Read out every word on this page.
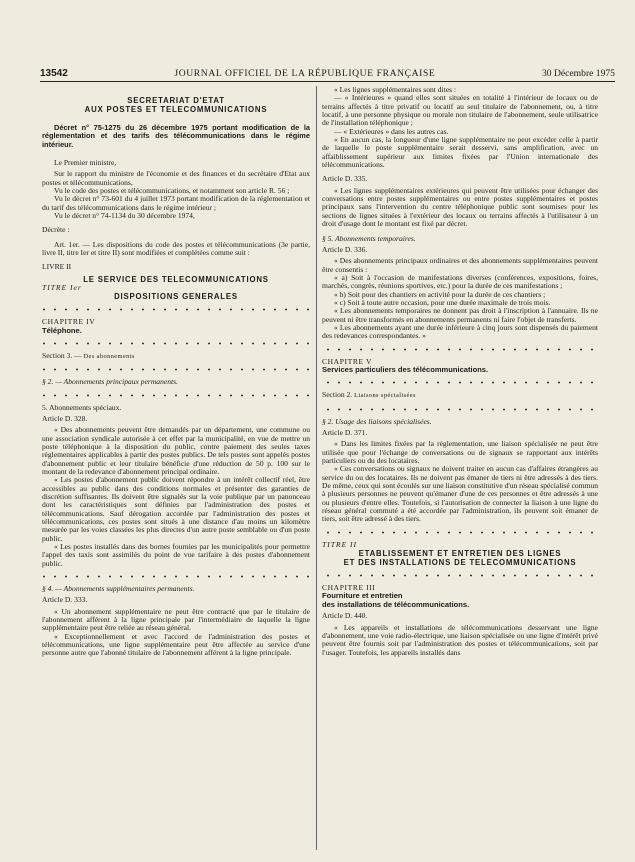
13542	JOURNAL OFFICIEL DE LA RÉPUBLIQUE FRANÇAISE	30 Décembre 1975
SECRETARIAT D'ETAT
AUX POSTES ET TELECOMMUNICATIONS

Décret n° 75-1275 du 26 décembre 1975 portant modification de la réglementation et des tarifs des télécommunications dans le régime intérieur.

Le Premier ministre,

Sur le rapport du ministre de l'économie et des finances et du secrétaire d'Etat aux postes et télécommunications,

Vu le code des postes et télécommunications, et notamment son article R. 56 ;

Vu le décret n° 73-601 du 4 juillet 1973 portant modification de la réglementation et du tarif des télécommunications dans le régime intérieur ;

Vu le décret n° 74-1134 du 30 décembre 1974,

Décrète :

Art. 1er. — Les dispositions du code des postes et télécommunications (3e partie, livre II, titre Ier et titre II) sont modifiées et complétées comme suit :

LIVRE II

LE SERVICE DES TELECOMMUNICATIONS

TITRE Ier

DISPOSITIONS GENERALES

CHAPITRE IV

Téléphone.

Section 3. — Des abonnements

§ 2. — Abonnements principaux permanents.

5. Abonnements spéciaux.

Article D. 328.

« Des abonnements peuvent être demandés par un département, une commune ou une association syndicale autorisée à cet effet par la municipalité, en vue de mettre un poste téléphonique à la disposition du public, contre paiement des seules taxes réglementaires applicables à partir des postes publics. De tels postes sont appelés postes d'abonnement public et leur titulaire bénéficie d'une réduction de 50 p. 100 sur le montant de la redevance d'abonnement principal ordinaire.

« Les postes d'abonnement public doivent répondre à un intérêt collectif réel, être accessibles au public dans des conditions normales et présenter des garanties de discrétion suffisantes. Ils doivent être signalés sur la voie publique par un panonceau dont les caractéristiques sont définies par l'administration des postes et télécommunications. Sauf dérogation accordée par l'administration des postes et télécommunications, ces postes sont situés à une distance d'au moins un kilomètre mesurée par les voies classées les plus directes d'un autre poste semblable ou d'un poste public.

« Les postes installés dans des bornes fournies par les municipalités pour permettre l'appel des taxis sont assimilés du point de vue tarifaire à des postes d'abonnement public.

§ 4. — Abonnements supplémentaires permanents.

Article D. 333.

« Un abonnement supplémentaire ne peut être contracté que par le titulaire de l'abonnement afférent à la ligne principale par l'intermédiaire de laquelle la ligne supplémentaire peut être reliée au réseau général.

« Exceptionnellement et avec l'accord de l'administration des postes et télécommunications, une ligne supplémentaire peut être affectée au service d'une personne autre que l'abonné titulaire de l'abonnement afférent à la ligne principale.

« Les lignes supplémentaires sont dites :

— « Intérieures » quand elles sont situées en totalité à l'intérieur de locaux ou de terrains affectés à titre privatif ou locatif au seul titulaire de l'abonnement, ou, à titre locatif, à une personne physique ou morale non titulaire de l'abonnement, seule utilisatrice de l'installation téléphonique ;

— « Extérieures » dans les autres cas.

« En aucun cas, la longueur d'une ligne supplémentaire ne peut excéder celle à partir de laquelle le poste supplémentaire serait desservi, sans amplification, avec un affaiblissement supérieur aux limites fixées par l'Union internationale des télécommunications.

Article D. 335.

« Les lignes supplémentaires extérieures qui peuvent être utilisées pour échanger des conversations entre postes supplémentaires ou entre postes supplémentaires et postes principaux sans l'intervention du centre téléphonique public sont soumises pour les sections de lignes situées à l'extérieur des locaux ou terrains affectés à l'utilisateur à un droit d'usage dont le montant est fixé par décret.

§ 5. Abonnements temporaires.

Article D. 336.

« Des abonnements principaux ordinaires et des abonnements supplémentaires peuvent être consentis :

« a) Soit à l'occasion de manifestations diverses (conférences, expositions, foires, marchés, congrès, réunions sportives, etc.) pour la durée de ces manifestations ;

« b) Soit pour des chantiers en activité pour la durée de ces chantiers ;

« c) Soit à toute autre occasion, pour une durée maximale de trois mois.

« Les abonnements temporaires ne donnent pas droit à l'inscription à l'annuaire. Ils ne peuvent ni être transformés en abonnements permanents ni faire l'objet de transferts.

« Les abonnements ayant une durée inférieure à cinq jours sont dispensés du paiement des redevances correspondantes. »

CHAPITRE V

Services particuliers des télécommunications.

Section 2. Liaisons spécialisées

§ 2. Usage des liaisons spécialisées.

Article D. 371.

« Dans les limites fixées par la réglementation, une liaison spécialisée ne peut être utilisée que pour l'échange de conversations ou de signaux se rapportant aux intérêts particuliers ou du des locataires.

« Ces conversations ou signaux ne doivent traiter en aucun cas d'affaires étrangères au service du ou des locataires. Ils ne doivent pas émaner de tiers ni être adressés à des tiers. De même, ceux qui sont écoulés sur une liaison constitutive d'un réseau spécialisé commun à plusieurs personnes ne peuvent qu'émaner d'une de ces personnes et être adressés à une ou plusieurs d'entre elles. Toutefois, si l'autorisation de connecter la liaison à une ligne du réseau général commuté a été accordée par l'administration, ils peuvent soit émaner de tiers, soit être adressé à des tiers.

TITRE II

ETABLISSEMENT ET ENTRETIEN DES LIGNES
ET DES INSTALLATIONS DE TELECOMMUNICATIONS

CHAPITRE III

Fourniture et entretien

des installations de télécommunications.

Article D. 440.

« Les appareils et installations de télécommunications desservant une ligne d'abonnement, une voie radio-électrique, une liaison spécialisée ou une ligne d'intérêt privé peuvent être fournis soit par l'administration des postes et télécommunications, soit par l'usager. Toutefois, les appareils installés dans
